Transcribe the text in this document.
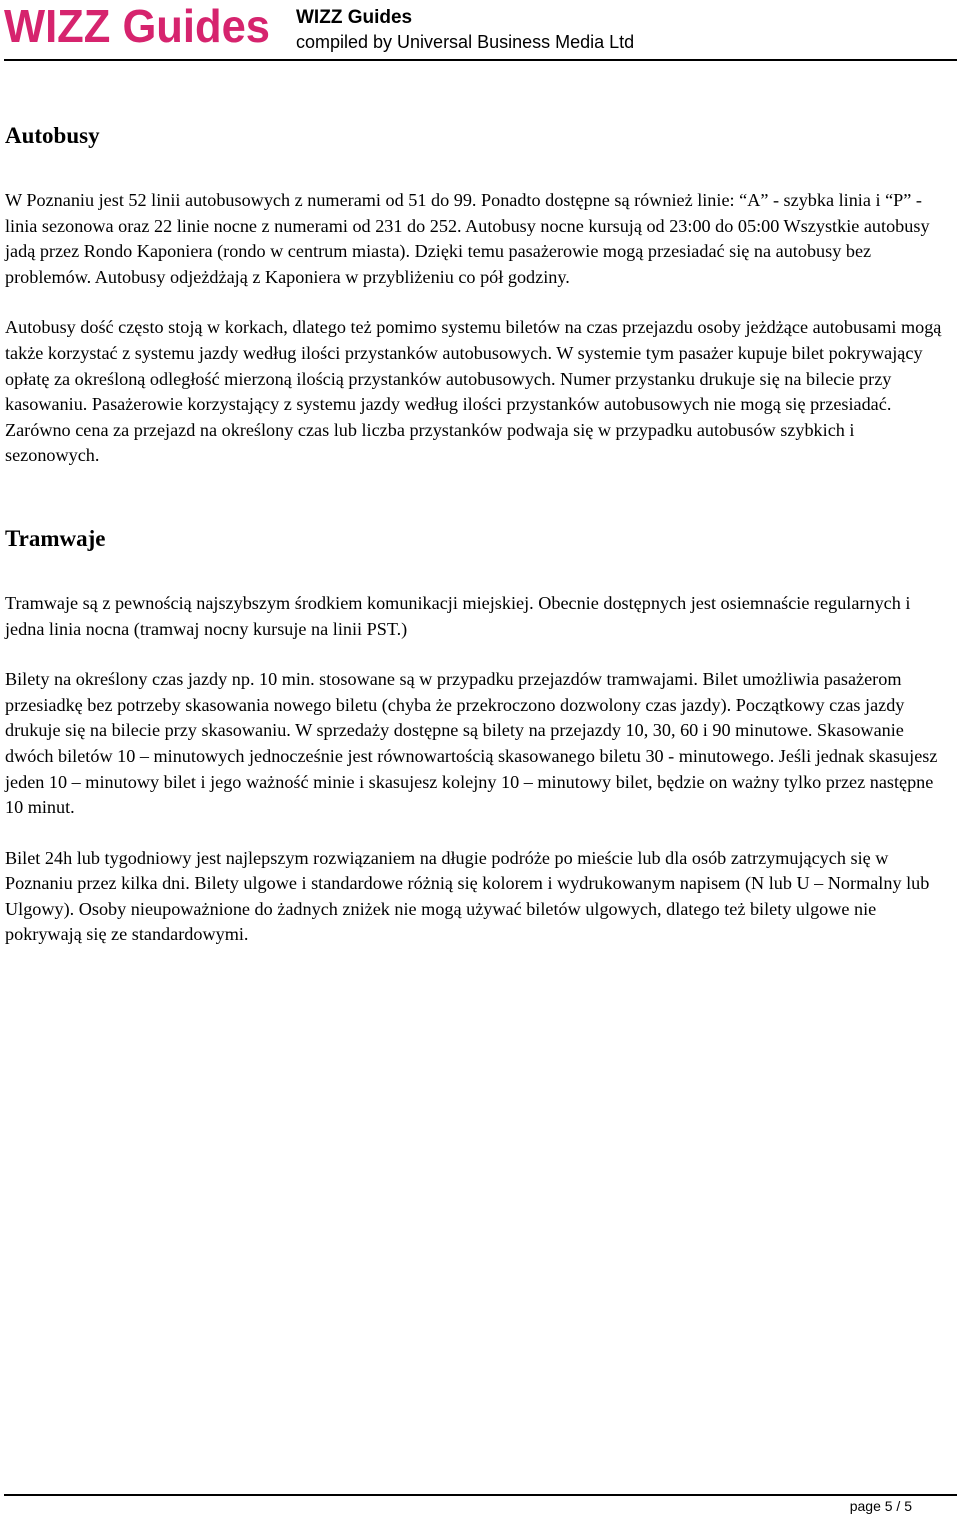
WIZZ Guides WIZZ Guides
compiled by Universal Business Media Ltd
Autobusy

W Poznaniu jest 52 linii autobusowych z numerami od 51 do 99. Ponadto dostępne są również linie: “A” - szybka linia i “P” - linia sezonowa oraz 22 linie nocne z numerami od 231 do 252. Autobusy nocne kursują od 23:00 do 05:00 Wszystkie autobusy jadą przez Rondo Kaponiera (rondo w centrum miasta). Dzięki temu pasażerowie mogą przesiadać się na autobusy bez problemów. Autobusy odjeżdżają z Kaponiera w przybliżeniu co pół godziny.

Autobusy dość często stoją w korkach, dlatego też pomimo systemu biletów na czas przejazdu osoby jeżdżące autobusami mogą także korzystać z systemu jazdy według ilości przystanków autobusowych. W systemie tym pasażer kupuje bilet pokrywający opłatę za określoną odległość mierzoną ilością przystanków autobusowych. Numer przystanku drukuje się na bilecie przy kasowaniu. Pasażerowie korzystający z systemu jazdy według ilości przystanków autobusowych nie mogą się przesiadać. Zarówno cena za przejazd na określony czas lub liczba przystanków podwaja się w przypadku autobusów szybkich i sezonowych.

Tramwaje

Tramwaje są z pewnością najszybszym środkiem komunikacji miejskiej. Obecnie dostępnych jest osiemnaście regularnych i jedna linia nocna (tramwaj nocny kursuje na linii PST.)

Bilety na określony czas jazdy np. 10 min. stosowane są w przypadku przejazdów tramwajami. Bilet umożliwia pasażerom przesiadkę bez potrzeby skasowania nowego biletu (chyba że przekroczono dozwolony czas jazdy). Początkowy czas jazdy drukuje się na bilecie przy skasowaniu. W sprzedaży dostępne są bilety na przejazdy 10, 30, 60 i 90 minutowe. Skasowanie dwóch biletów 10 – minutowych jednocześnie jest równowartością skasowanego biletu 30 - minutowego. Jeśli jednak skasujesz jeden 10 – minutowy bilet i jego ważność minie i skasujesz kolejny 10 – minutowy bilet, będzie on ważny tylko przez następne 10 minut.

Bilet 24h lub tygodniowy jest najlepszym rozwiązaniem na długie podróże po mieście lub dla osób zatrzymujących się w Poznaniu przez kilka dni. Bilety ulgowe i standardowe różnią się kolorem i wydrukowanym napisem (N lub U – Normalny lub Ulgowy). Osoby nieupoważnione do żadnych zniżek nie mogą używać biletów ulgowych, dlatego też bilety ulgowe nie pokrywają się ze standardowymi.

page 5 / 5
